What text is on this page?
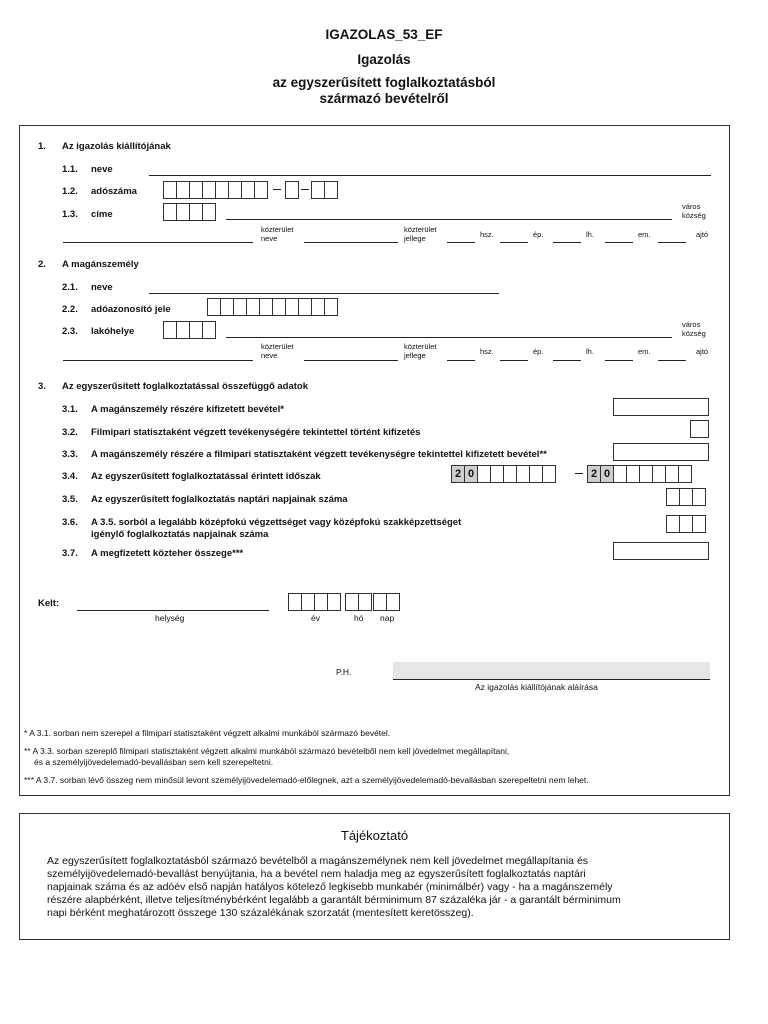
IGAZOLAS_53_EF
Igazolás
az egyszerűsített foglalkoztatásból
származó bevételről
1. Az igazolás kiállítójának
1.1. neve
1.2. adószáma
1.3. címe
város
község
közterület
neve
közterület
jellege	hsz.	ép.	lh.	em.	ajtó
2. A magánszemély
2.1. neve
2.2. adóazonosító jele
2.3. lakóhelye
város
község
közterület
neve
közterület
jellege	hsz.	ép.	lh.	em.	ajtó
3. Az egyszerűsített foglalkoztatással összefüggő adatok
3.1. A magánszemély részére kifizetett bevétel*
3.2. Filmipari statisztaként végzett tevékenységére tekintettel történt kifizetés
3.3. A magánszemély részére a filmipari statisztaként végzett tevékenységre tekintettel kifizetett bevétel**
3.4. Az egyszerűsített foglalkoztatással érintett időszak	2 0	2 0
3.5. Az egyszerűsített foglalkoztatás naptári napjainak száma
3.6. A 3.5. sorból a legalább középfokú végzettséget vagy középfokú szakképzettséget
igénylő foglalkoztatás napjainak száma
3.7. A megfizetett közteher összege***
Kelt:
helység	év	hó nap
P.H.
Az igazolás kiállítójának aláírása
* A 3.1. sorban nem szerepel a filmipari statisztaként végzett alkalmi munkából származó bevétel.
** A 3.3. sorban szereplő filmipari statisztaként végzett alkalmi munkából származó bevételből nem kell jövedelmet megállapítani,
és a személyijövedelemadó-bevallásban sem kell szerepeltetni.
*** A 3.7. sorban lévő összeg nem minősül levont személyijövedelemadó-előlegnek, azt a személyijövedelemadó-bevallásban szerepeltetni nem lehet.
Tájékoztató
Az egyszerűsített foglalkoztatásból származó bevételből a magánszemélynek nem kell jövedelmet megállapítania és
személyijövedelemadó-bevallást benyújtania, ha a bevétel nem haladja meg az egyszerűsített foglalkoztatás naptári
napjainak száma és az adóév első napján hatályos kötelező legkisebb munkabér (minimálbér) vagy - ha a magánszemély
részére alapbérként, illetve teljesítménybérként legalább a garantált bérminimum 87 százaléka jár - a garantált bérminimum
napi bérként meghatározott összege 130 százalékának szorzatát (mentesített keretösszeg).
